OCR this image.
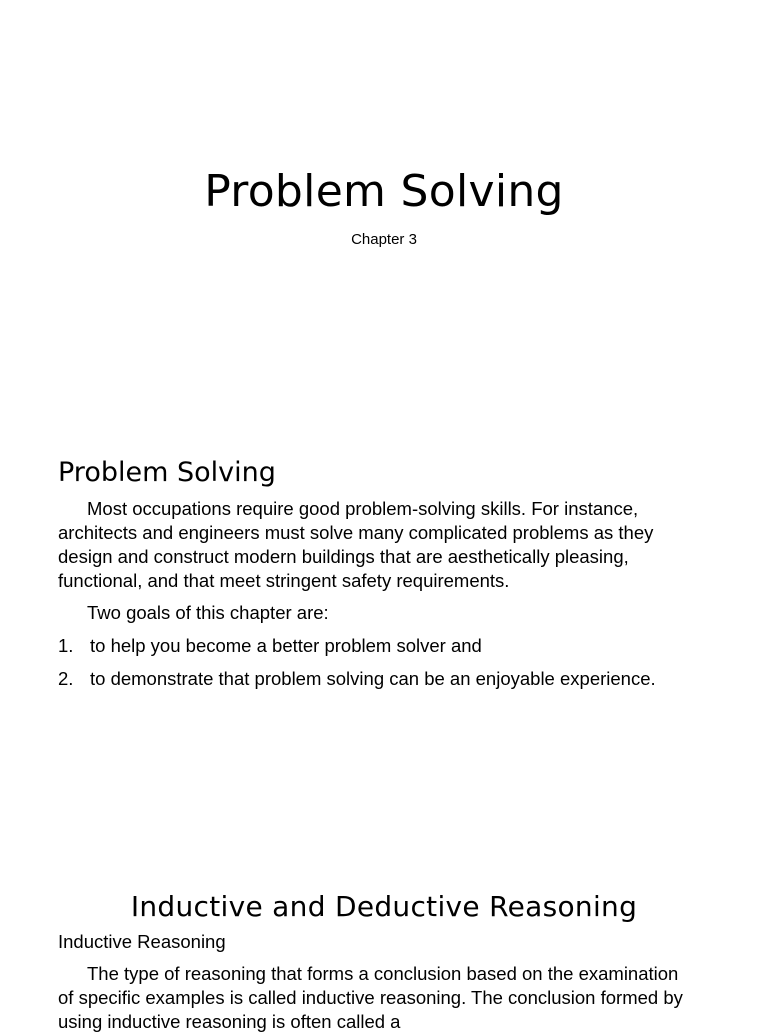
Problem Solving
Chapter 3
Problem Solving

Most occupations require good problem-solving skills. For instance, architects and engineers must solve many complicated problems as they design and construct modern buildings that are aesthetically pleasing, functional, and that meet stringent safety requirements.

Two goals of this chapter are:

1. to help you become a better problem solver and
2. to demonstrate that problem solving can be an enjoyable experience.
Inductive and Deductive Reasoning

Inductive Reasoning

The type of reasoning that forms a conclusion based on the examination of specific examples is called inductive reasoning. The conclusion formed by using inductive reasoning is often called a
